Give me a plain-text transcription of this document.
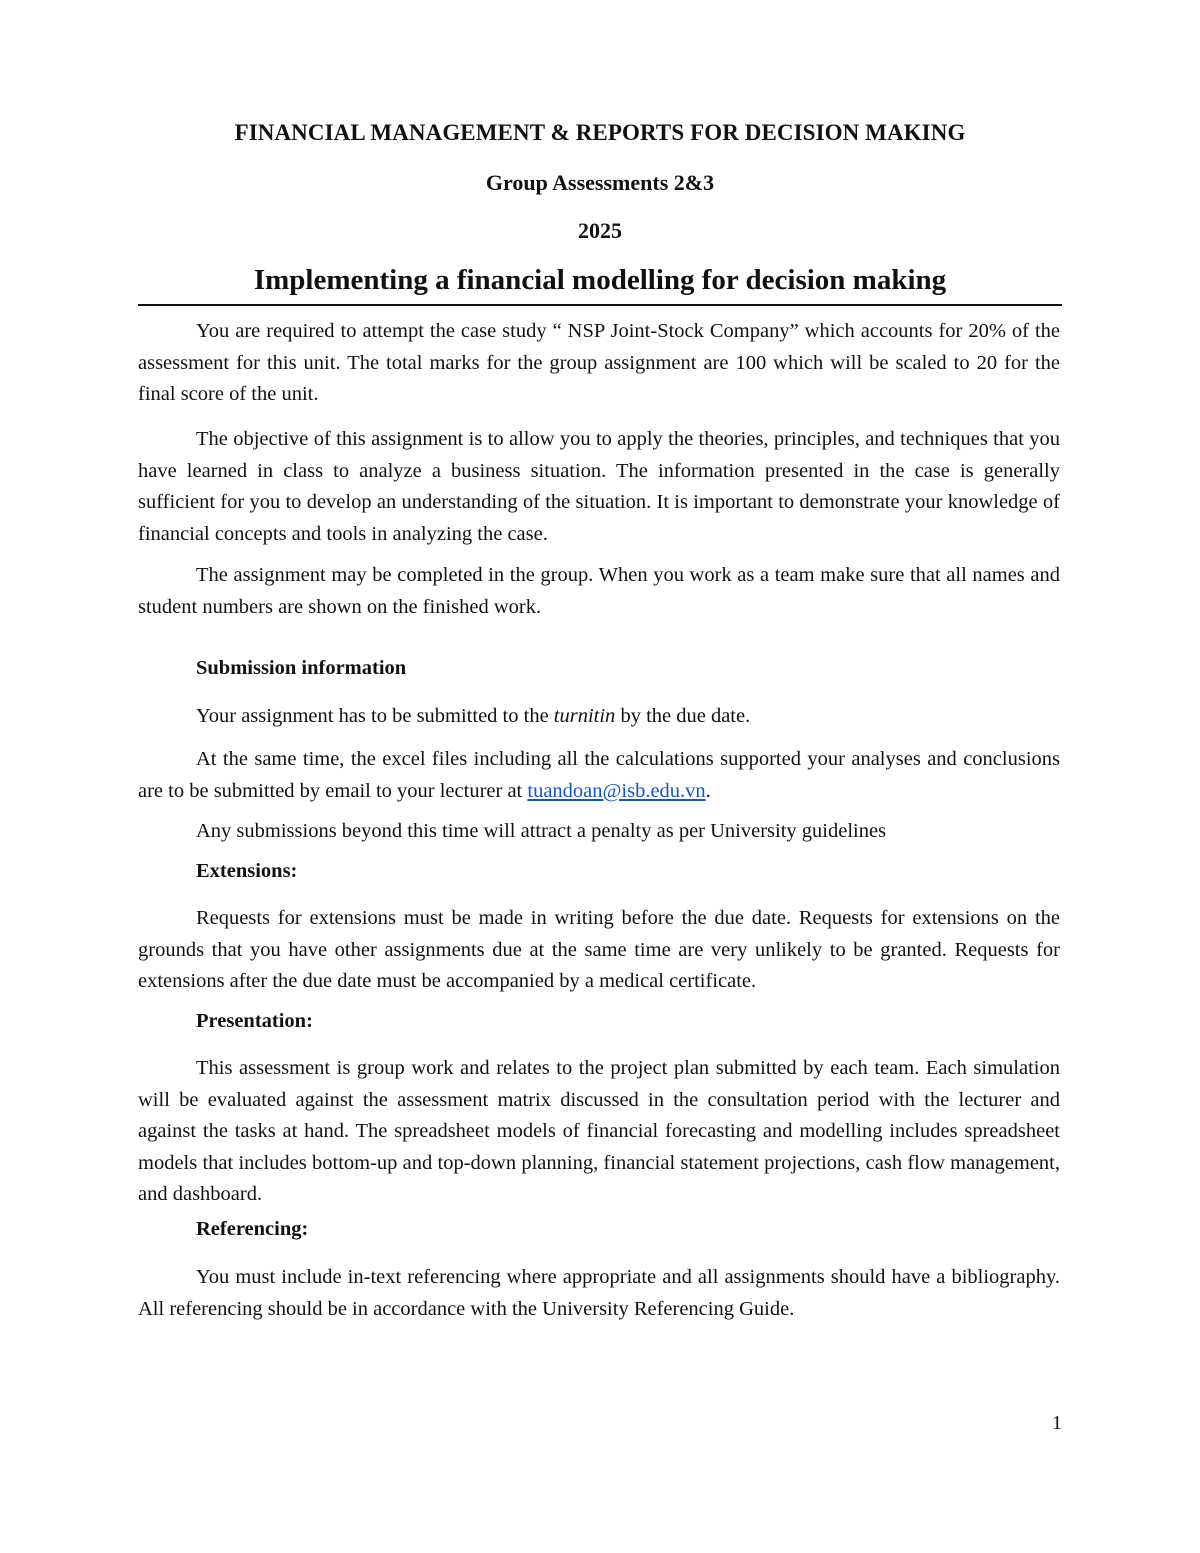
FINANCIAL MANAGEMENT & REPORTS FOR DECISION MAKING
Group Assessments 2&3
2025
Implementing a financial modelling for decision making

You are required to attempt the case study “ NSP Joint-Stock Company” which accounts for 20% of the assessment for this unit. The total marks for the group assignment are 100 which will be scaled to 20 for the final score of the unit.

The objective of this assignment is to allow you to apply the theories, principles, and techniques that you have learned in class to analyze a business situation. The information presented in the case is generally sufficient for you to develop an understanding of the situation. It is important to demonstrate your knowledge of financial concepts and tools in analyzing the case.

The assignment may be completed in the group. When you work as a team make sure that all names and student numbers are shown on the finished work.

Submission information

Your assignment has to be submitted to the turnitin by the due date.

At the same time, the excel files including all the calculations supported your analyses and conclusions are to be submitted by email to your lecturer at tuandoan@isb.edu.vn.

Any submissions beyond this time will attract a penalty as per University guidelines

Extensions:

Requests for extensions must be made in writing before the due date. Requests for extensions on the grounds that you have other assignments due at the same time are very unlikely to be granted. Requests for extensions after the due date must be accompanied by a medical certificate.

Presentation:

This assessment is group work and relates to the project plan submitted by each team. Each simulation will be evaluated against the assessment matrix discussed in the consultation period with the lecturer and against the tasks at hand. The spreadsheet models of financial forecasting and modelling includes spreadsheet models that includes bottom-up and top-down planning, financial statement projections, cash flow management, and dashboard.

Referencing:

You must include in-text referencing where appropriate and all assignments should have a bibliography. All referencing should be in accordance with the University Referencing Guide.

1
